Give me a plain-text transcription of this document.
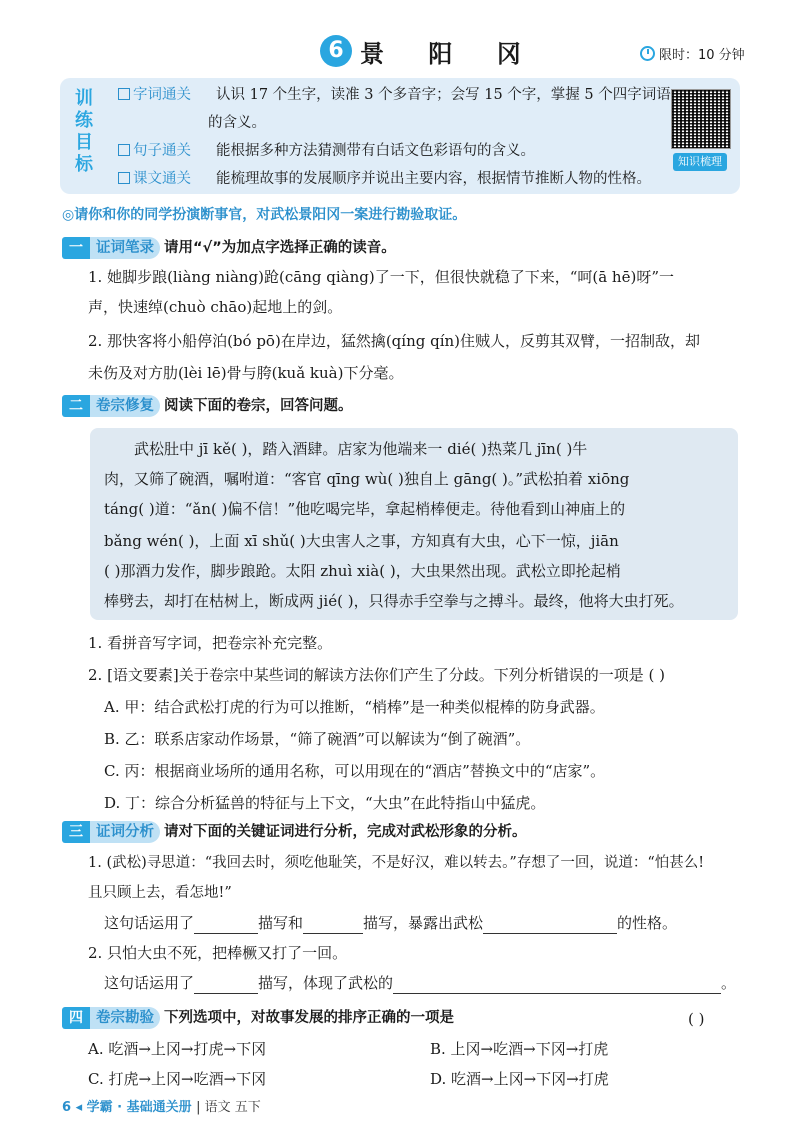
6 景 阳 冈	限时：10 分钟
训练目标
字词通关 认识 17 个生字，读准 3 个多音字；会写 15 个字，掌握 5 个四字词语
的含义。
句子通关 能根据多种方法猜测带有白话文色彩语句的含义。
课文通关 能梳理故事的发展顺序并说出主要内容，根据情节推断人物的性格。
知识梳理
◎请你和你的同学扮演断事官，对武松景阳冈一案进行勘验取证。
一 证词笔录 请用“√”为加点字选择正确的读音。
1. 她脚步踉(liàng niàng)跄(cāng qiàng)了一下，但很快就稳了下来，“呵(ā hē)呀”一
声，快速绰(chuò chāo)起地上的剑。
2. 那快客将小船停泊(bó pō)在岸边，猛然擒(qíng qín)住贼人，反剪其双臂，一招制敌，却
未伤及对方肋(lèi lē)骨与胯(kuǎ kuà)下分毫。
二 卷宗修复 阅读下面的卷宗，回答问题。
武松肚中 jī kě( )，踏入酒肆。店家为他端来一 dié( )热菜几 jīn( )牛
肉，又筛了碗酒，嘱咐道：“客官 qīng wù( )独自上 gāng( )。”武松拍着 xiōng
táng( )道：“ǎn( )偏不信！”他吃喝完毕，拿起梢棒便走。待他看到山神庙上的
bǎng wén( )，上面 xī shǔ( )大虫害人之事，方知真有大虫，心下一惊，jiān
( )那酒力发作，脚步踉跄。太阳 zhuì xià( )，大虫果然出现。武松立即抡起梢
棒劈去，却打在枯树上，断成两 jié( )，只得赤手空拳与之搏斗。最终，他将大虫打死。
1. 看拼音写字词，把卷宗补充完整。
2. [语文要素]关于卷宗中某些词的解读方法你们产生了分歧。下列分析错误的一项是 ( )
A. 甲：结合武松打虎的行为可以推断，“梢棒”是一种类似棍棒的防身武器。
B. 乙：联系店家动作场景，“筛了碗酒”可以解读为“倒了碗酒”。
C. 丙：根据商业场所的通用名称，可以用现在的“酒店”替换文中的“店家”。
D. 丁：综合分析猛兽的特征与上下文，“大虫”在此特指山中猛虎。
三 证词分析 请对下面的关键证词进行分析，完成对武松形象的分析。
1. (武松)寻思道：“我回去时，须吃他耻笑，不是好汉，难以转去。”存想了一回，说道：“怕甚么!
且只顾上去，看怎地!”
这句话运用了	描写和	描写，暴露出武松	的性格。
2. 只怕大虫不死，把棒橛又打了一回。
这句话运用了	描写，体现了武松的	。
四 卷宗勘验 下列选项中，对故事发展的排序正确的一项是	( )
A. 吃酒→上冈→打虎→下冈	B. 上冈→吃酒→下冈→打虎
C. 打虎→上冈→吃酒→下冈	D. 吃酒→上冈→下冈→打虎
6 ◂ 学霸 · 基础通关册 | 语文 五下
